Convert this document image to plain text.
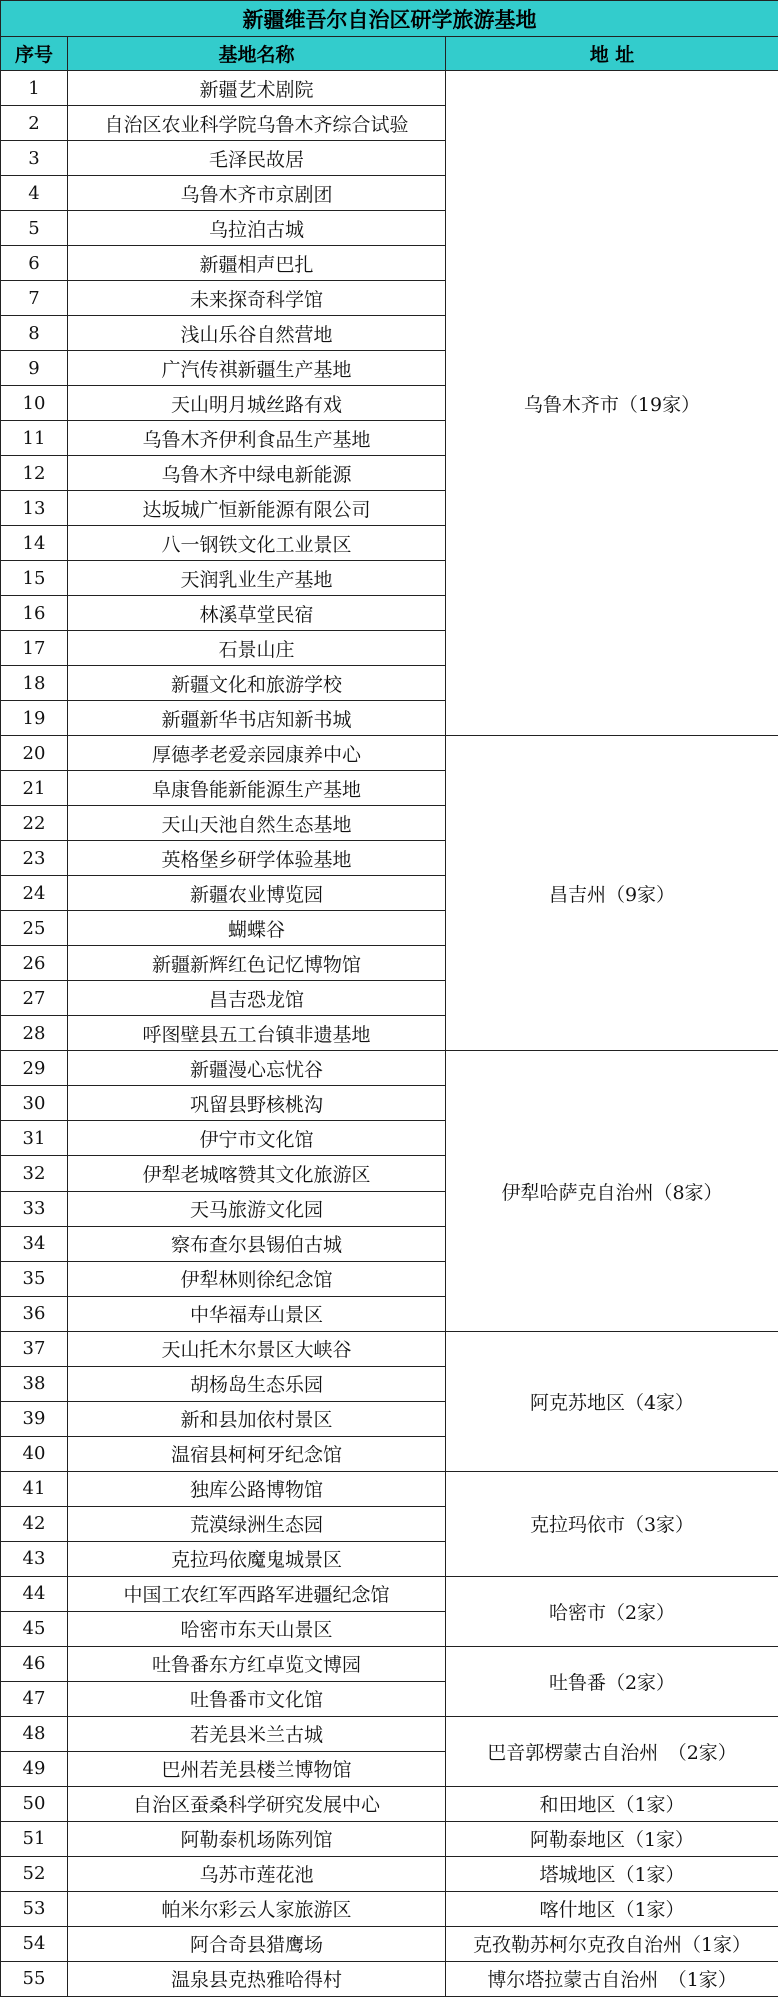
新疆维吾尔自治区研学旅游基地		
序号	基地名称	地 址
1	新疆艺术剧院	乌鲁木齐市（19家）
2	自治区农业科学院乌鲁木齐综合试验	
3	毛泽民故居	
4	乌鲁木齐市京剧团	
5	乌拉泊古城	
6	新疆相声巴扎	
7	未来探奇科学馆	
8	浅山乐谷自然营地	
9	广汽传祺新疆生产基地	
10	天山明月城丝路有戏	
11	乌鲁木齐伊利食品生产基地	
12	乌鲁木齐中绿电新能源	
13	达坂城广恒新能源有限公司	
14	八一钢铁文化工业景区	
15	天润乳业生产基地	
16	林溪草堂民宿	
17	石景山庄	
18	新疆文化和旅游学校	
19	新疆新华书店知新书城	
20	厚德孝老爱亲园康养中心	昌吉州（9家）
21	阜康鲁能新能源生产基地	
22	天山天池自然生态基地	
23	英格堡乡研学体验基地	
24	新疆农业博览园	
25	蝴蝶谷	
26	新疆新辉红色记忆博物馆	
27	昌吉恐龙馆	
28	呼图壁县五工台镇非遗基地	
29	新疆漫心忘忧谷	伊犁哈萨克自治州（8家）
30	巩留县野核桃沟	
31	伊宁市文化馆	
32	伊犁老城喀赞其文化旅游区	
33	天马旅游文化园	
34	察布查尔县锡伯古城	
35	伊犁林则徐纪念馆	
36	中华福寿山景区	
37	天山托木尔景区大峡谷	阿克苏地区（4家）
38	胡杨岛生态乐园	
39	新和县加依村景区	
40	温宿县柯柯牙纪念馆	
41	独库公路博物馆	克拉玛依市（3家）
42	荒漠绿洲生态园	
43	克拉玛依魔鬼城景区	
44	中国工农红军西路军进疆纪念馆	哈密市（2家）
45	哈密市东天山景区	
46	吐鲁番东方红卓览文博园	吐鲁番（2家）
47	吐鲁番市文化馆	
48	若羌县米兰古城	巴音郭楞蒙古自治州　（2家）
49	巴州若羌县楼兰博物馆	
50	自治区蚕桑科学研究发展中心	和田地区（1家）
51	阿勒泰机场陈列馆	阿勒泰地区（1家）
52	乌苏市莲花池	塔城地区（1家）
53	帕米尔彩云人家旅游区	喀什地区（1家）
54	阿合奇县猎鹰场	克孜勒苏柯尔克孜自治州（1家）
55	温泉县克热雅哈得村	博尔塔拉蒙古自治州　（1家）
